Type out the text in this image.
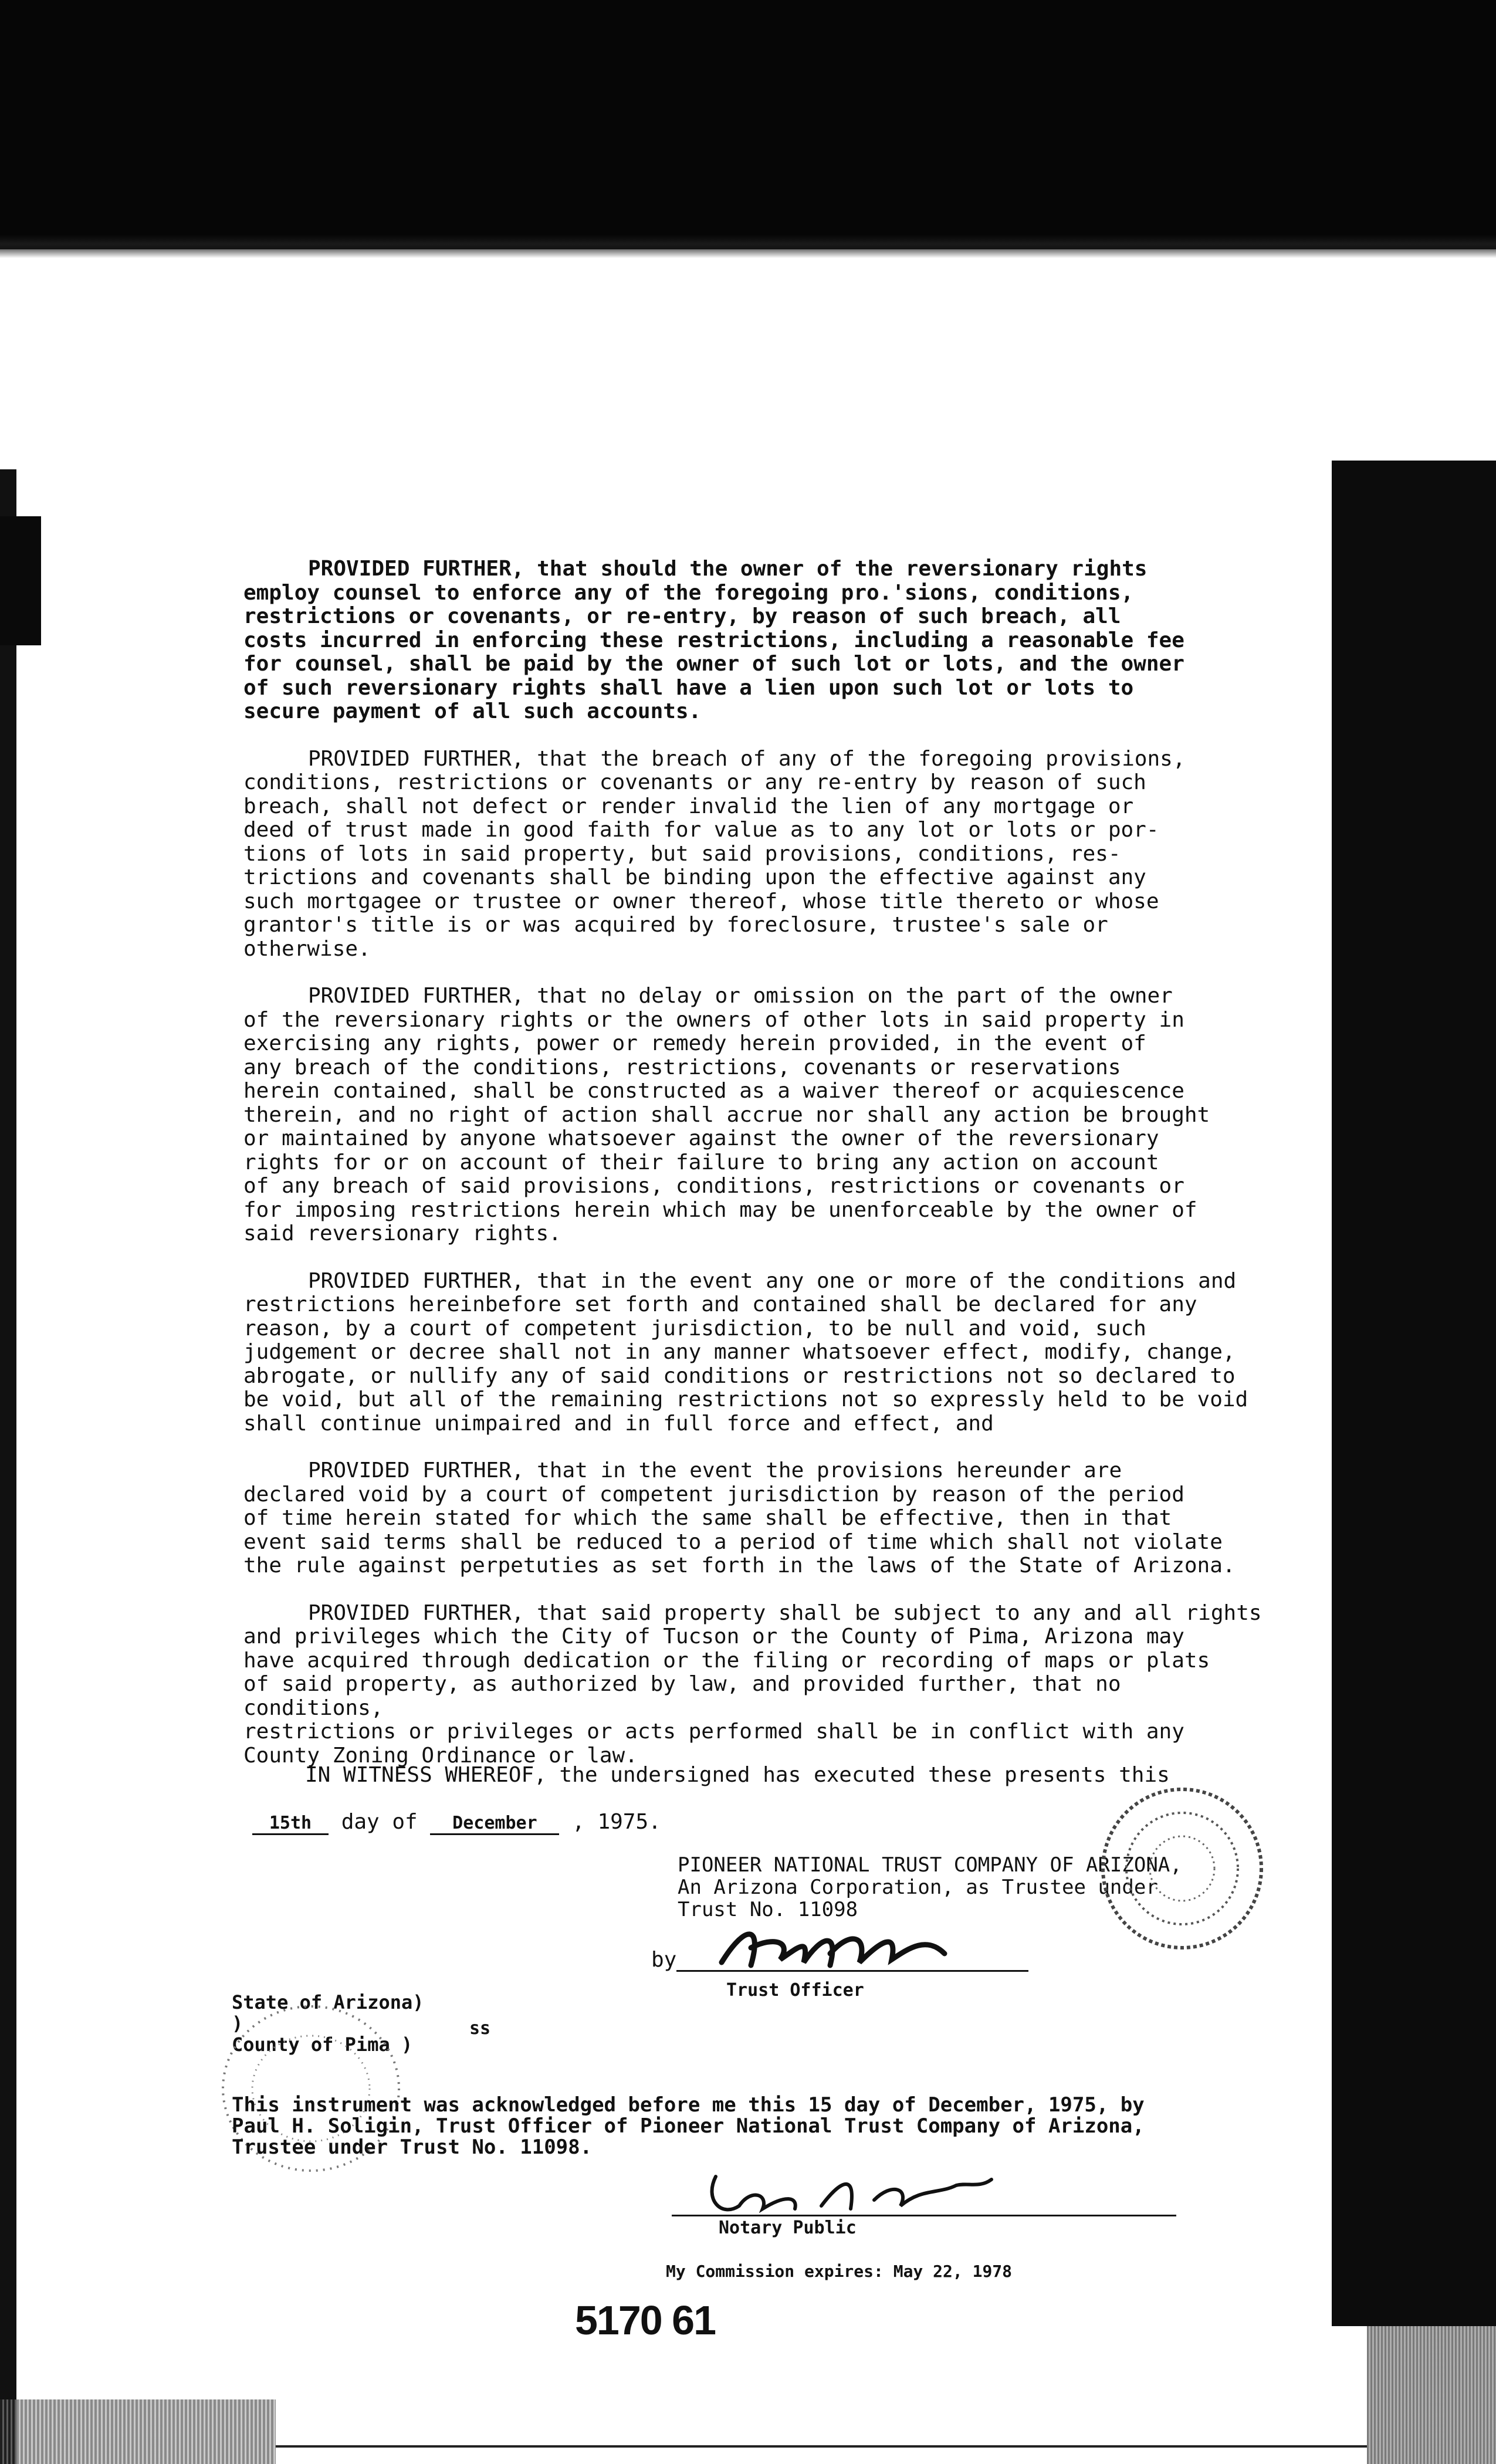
PROVIDED FURTHER, that should the owner of the reversionary rights
employ counsel to enforce any of the foregoing pro.'sions, conditions,
restrictions or covenants, or re-entry, by reason of such breach, all
costs incurred in enforcing these restrictions, including a reasonable fee
for counsel, shall be paid by the owner of such lot or lots, and the owner
of such reversionary rights shall have a lien upon such lot or lots to
secure payment of all such accounts.

PROVIDED FURTHER, that the breach of any of the foregoing provisions,
conditions, restrictions or covenants or any re-entry by reason of such
breach, shall not defect or render invalid the lien of any mortgage or
deed of trust made in good faith for value as to any lot or lots or por-
tions of lots in said property, but said provisions, conditions, res-
trictions and covenants shall be binding upon the effective against any
such mortgagee or trustee or owner thereof, whose title thereto or whose
grantor's title is or was acquired by foreclosure, trustee's sale or
otherwise.

PROVIDED FURTHER, that no delay or omission on the part of the owner
of the reversionary rights or the owners of other lots in said property in
exercising any rights, power or remedy herein provided, in the event of
any breach of the conditions, restrictions, covenants or reservations
herein contained, shall be constructed as a waiver thereof or acquiescence
therein, and no right of action shall accrue nor shall any action be brought
or maintained by anyone whatsoever against the owner of the reversionary
rights for or on account of their failure to bring any action on account
of any breach of said provisions, conditions, restrictions or covenants or
for imposing restrictions herein which may be unenforceable by the owner of
said reversionary rights.

PROVIDED FURTHER, that in the event any one or more of the conditions and
restrictions hereinbefore set forth and contained shall be declared for any
reason, by a court of competent jurisdiction, to be null and void, such
judgement or decree shall not in any manner whatsoever effect, modify, change,
abrogate, or nullify any of said conditions or restrictions not so declared to
be void, but all of the remaining restrictions not so expressly held to be void
shall continue unimpaired and in full force and effect, and

PROVIDED FURTHER, that in the event the provisions hereunder are
declared void by a court of competent jurisdiction by reason of the period
of time herein stated for which the same shall be effective, then in that
event said terms shall be reduced to a period of time which shall not violate
the rule against perpetuties as set forth in the laws of the State of Arizona.

PROVIDED FURTHER, that said property shall be subject to any and all rights
and privileges which the City of Tucson or the County of Pima, Arizona may
have acquired through dedication or the filing or recording of maps or plats
of said property, as authorized by law, and provided further, that no conditions,
restrictions or privileges or acts performed shall be in conflict with any
County Zoning Ordinance or law.

IN WITNESS WHEREOF, the undersigned has executed these presents this
15th day of December , 1975.
PIONEER NATIONAL TRUST COMPANY OF ARIZONA,
An Arizona Corporation, as Trustee under
Trust No. 11098
by
Trust Officer
State of Arizona)
)
County of Pima )
ss
This instrument was acknowledged before me this 15 day of December, 1975, by
Paul H. Soligin, Trust Officer of Pioneer National Trust Company of Arizona,
Trustee under Trust No. 11098.
Notary Public
My Commission expires: May 22, 1978
5170 61
